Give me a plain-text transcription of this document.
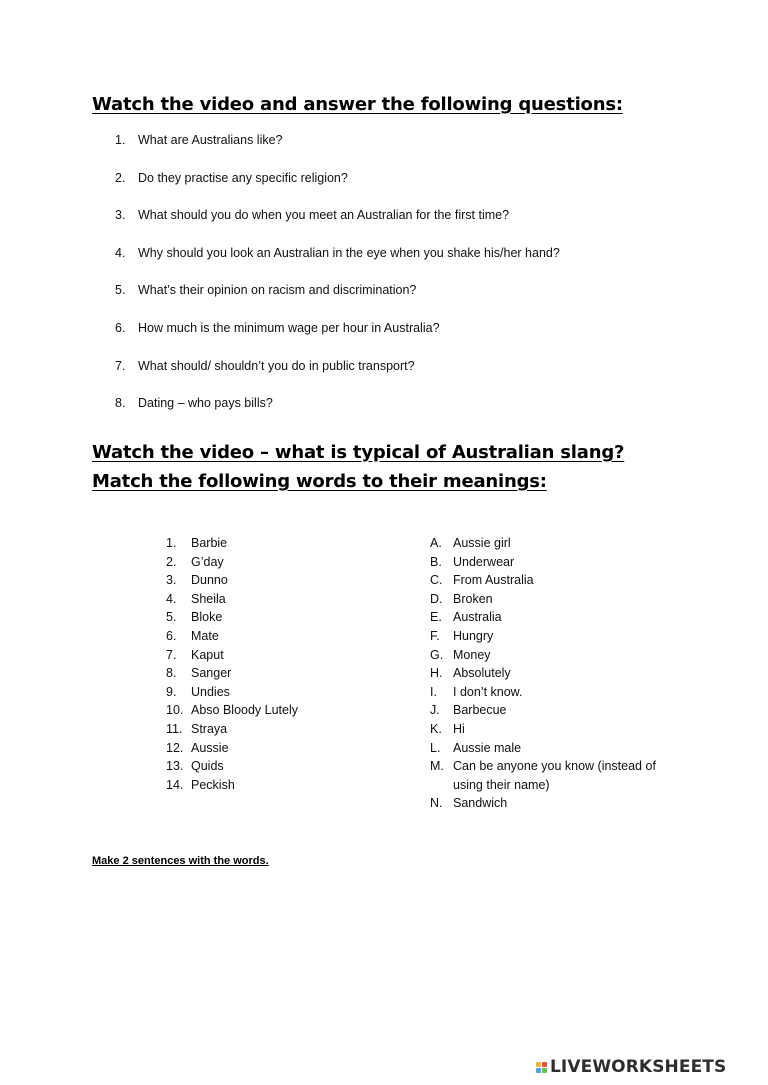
Watch the video and answer the following questions:
1.	What are Australians like?
2.	Do they practise any specific religion?
3.	What should you do when you meet an Australian for the first time?
4.	Why should you look an Australian in the eye when you shake his/her hand?
5.	What’s their opinion on racism and discrimination?
6.	How much is the minimum wage per hour in Australia?
7.	What should/ shouldn’t you do in public transport?
8.	Dating – who pays bills?
Watch the video – what is typical of Australian slang?
Match the following words to their meanings:
1.	Barbie
2.	G’day
3.	Dunno
4.	Sheila
5.	Bloke
6.	Mate
7.	Kaput
8.	Sanger
9.	Undies
10. Abso Bloody Lutely
11. Straya
12. Aussie
13. Quids
14. Peckish
A. Aussie girl
B. Underwear
C. From Australia
D. Broken
E. Australia
F.	Hungry
G. Money
H. Absolutely
I.	I don’t know.
J.	Barbecue
K. Hi
L.	Aussie male
M. Can be anyone you know (instead of using their name)
N. Sandwich
Make 2 sentences with the words.
LIVEWORKSHEETS
